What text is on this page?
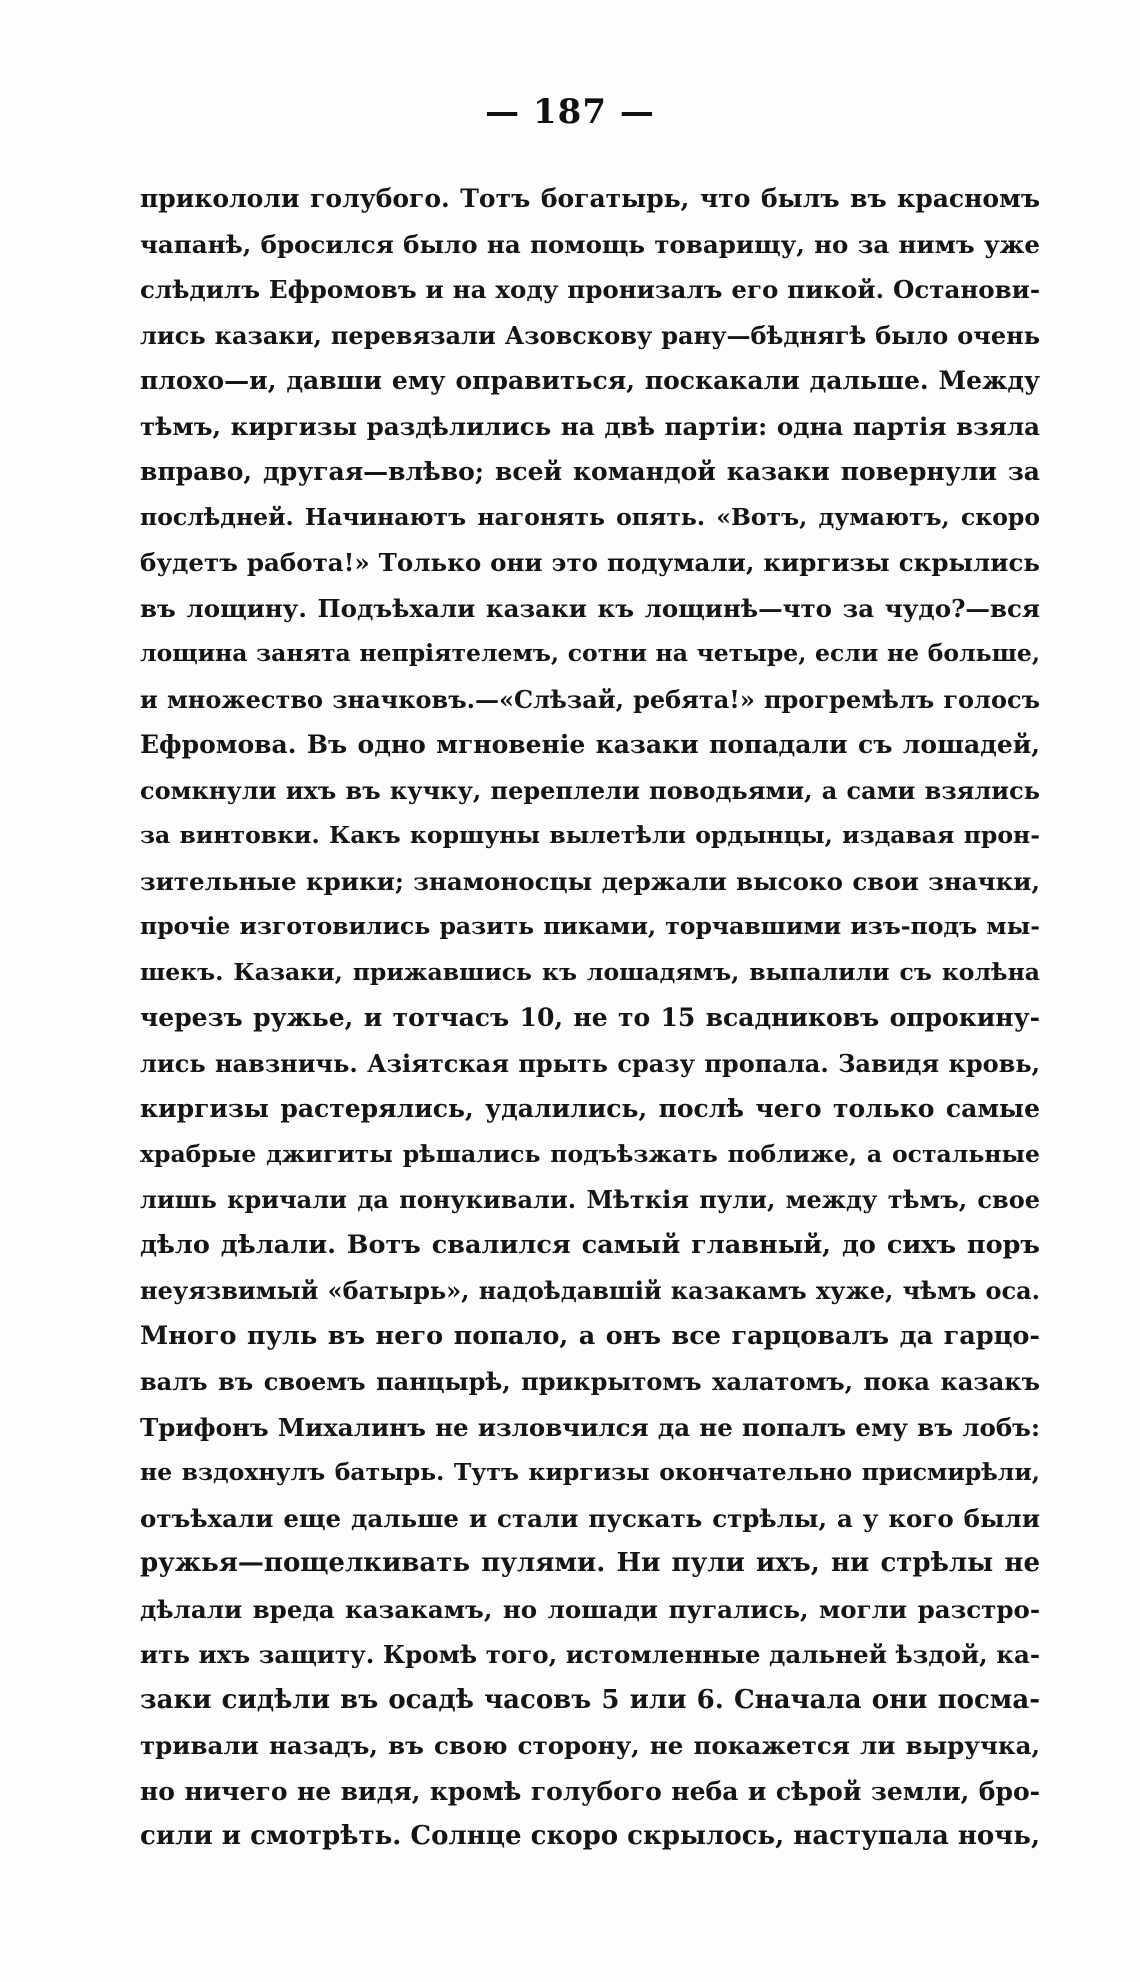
— 187 —
прикололи голубого. Тотъ богатырь, что былъ въ красномъ
чапанѣ, бросился было на помощь товарищу, но за нимъ уже
слѣдилъ Ефромовъ и на ходу пронизалъ его пикой. Останови-
лись казаки, перевязали Азовскову рану—бѣднягѣ было очень
плохо—и, давши ему оправиться, поскакали дальше. Между
тѣмъ, киргизы раздѣлились на двѣ партіи: одна партія взяла
вправо, другая—влѣво; всей командой казаки повернули за
послѣдней. Начинаютъ нагонять опять. «Вотъ, думаютъ, скоро
будетъ работа!» Только они это подумали, киргизы скрылись
въ лощину. Подъѣхали казаки къ лощинѣ—что за чудо?—вся
лощина занята непріятелемъ, сотни на четыре, если не больше,
и множество значковъ.—«Слѣзай, ребята!» прогремѣлъ голосъ
Ефромова. Въ одно мгновеніе казаки попадали съ лошадей,
сомкнули ихъ въ кучку, переплели поводьями, а сами взялись
за винтовки. Какъ коршуны вылетѣли ордынцы, издавая прон-
зительные крики; знамоносцы держали высоко свои значки,
прочіе изготовились разить пиками, торчавшими изъ-подъ мы-
шекъ. Казаки, прижавшись къ лошадямъ, выпалили съ колѣна
черезъ ружье, и тотчасъ 10, не то 15 всадниковъ опрокину-
лись навзничь. Азіятская прыть сразу пропала. Завидя кровь,
киргизы растерялись, удалились, послѣ чего только самые
храбрые джигиты рѣшались подъѣзжать поближе, а остальные
лишь кричали да понукивали. Мѣткія пули, между тѣмъ, свое
дѣло дѣлали. Вотъ свалился самый главный, до сихъ поръ
неуязвимый «батырь», надоѣдавшій казакамъ хуже, чѣмъ оса.
Много пуль въ него попало, а онъ все гарцовалъ да гарцо-
валъ въ своемъ панцырѣ, прикрытомъ халатомъ, пока казакъ
Трифонъ Михалинъ не изловчился да не попалъ ему въ лобъ:
не вздохнулъ батырь. Тутъ киргизы окончательно присмирѣли,
отъѣхали еще дальше и стали пускать стрѣлы, а у кого были
ружья—пощелкивать пулями. Ни пули ихъ, ни стрѣлы не
дѣлали вреда казакамъ, но лошади пугались, могли разстро-
ить ихъ защиту. Кромѣ того, истомленные дальней ѣздой, ка-
заки сидѣли въ осадѣ часовъ 5 или 6. Сначала они посма-
тривали назадъ, въ свою сторону, не покажется ли выручка,
но ничего не видя, кромѣ голубого неба и сѣрой земли, бро-
сили и смотрѣть. Солнце скоро скрылось, наступала ночь,
